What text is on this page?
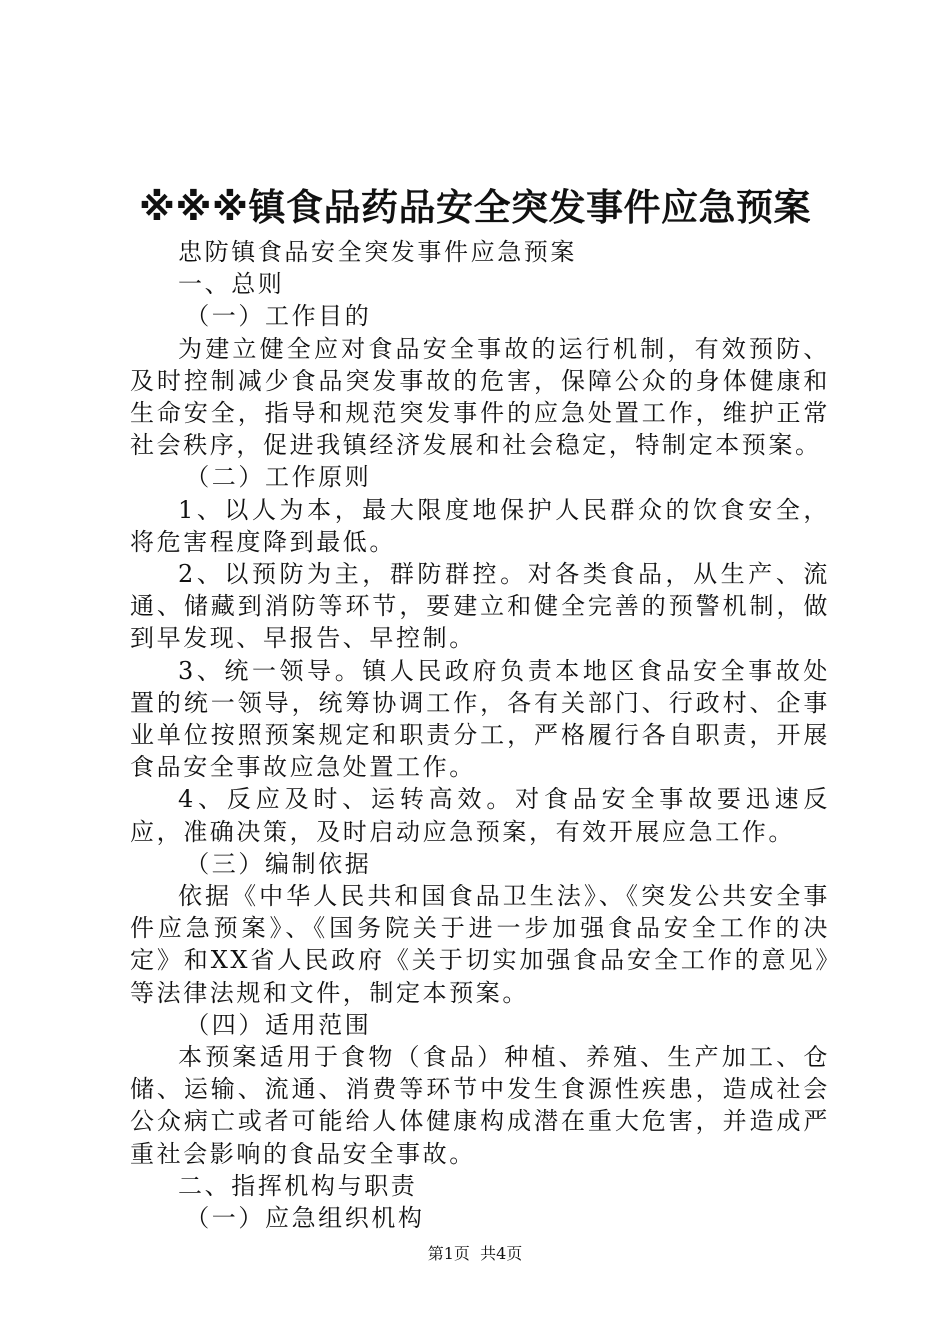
※※※镇食品药品安全突发事件应急预案

忠防镇食品安全突发事件应急预案

一、总则

（一）工作目的

为建立健全应对食品安全事故的运行机制，有效预防、及时控制减少食品突发事故的危害，保障公众的身体健康和生命安全，指导和规范突发事件的应急处置工作，维护正常社会秩序，促进我镇经济发展和社会稳定，特制定本预案。

（二）工作原则

1、以人为本，最大限度地保护人民群众的饮食安全，将危害程度降到最低。

2、以预防为主，群防群控。对各类食品，从生产、流通、储藏到消防等环节，要建立和健全完善的预警机制，做到早发现、早报告、早控制。

3、统一领导。镇人民政府负责本地区食品安全事故处置的统一领导，统筹协调工作，各有关部门、行政村、企事业单位按照预案规定和职责分工，严格履行各自职责，开展食品安全事故应急处置工作。

4、反应及时、运转高效。对食品安全事故要迅速反应，准确决策，及时启动应急预案，有效开展应急工作。

（三）编制依据

依据《中华人民共和国食品卫生法》、《突发公共安全事件应急预案》、《国务院关于进一步加强食品安全工作的决定》和XX省人民政府《关于切实加强食品安全工作的意见》等法律法规和文件，制定本预案。

（四）适用范围

本预案适用于食物（食品）种植、养殖、生产加工、仓储、运输、流通、消费等环节中发生食源性疾患，造成社会公众病亡或者可能给人体健康构成潜在重大危害，并造成严重社会影响的食品安全事故。

二、指挥机构与职责

（一）应急组织机构

第1页  共4页
